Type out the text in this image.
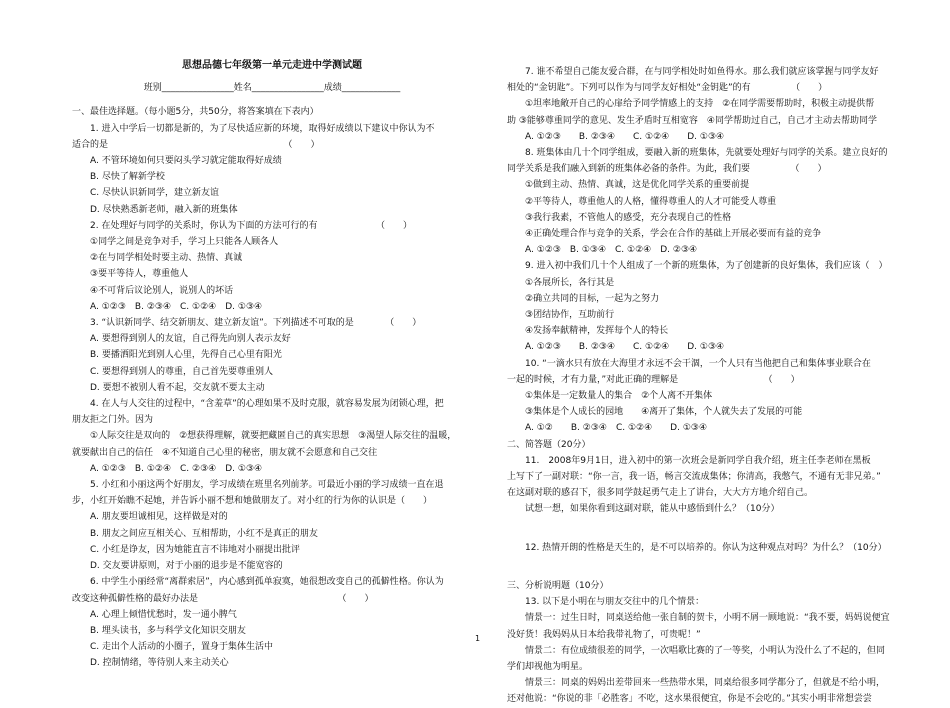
思想品德七年级第一单元走进中学测试题

班别________________姓名________________成绩_____________

一、最佳选择题。（每小题5分，共50分，将答案填在下表内）

　　1. 进入中学后一切都是新的，为了尽快适应新的环境，取得好成绩以下建议中你认为不

适合的是　　　　　　　　　　　　　　　　　　　　（　　）

　　A. 不管环境如何只要闷头学习就定能取得好成绩

　　B. 尽快了解新学校

　　C. 尽快认识新同学，建立新友谊

　　D. 尽快熟悉新老师，融入新的班集体

　　2. 在处理好与同学的关系时，你认为下面的方法可行的有　　　　　　　（　　）

　　①同学之间是竞争对手，学习上只能各人顾各人

　　②在与同学相处时要主动、热情、真诚

　　③要平等待人，尊重他人

　　④不可背后议论别人，说别人的坏话

　　A. ①②③　B. ②③④　C. ①②④　D. ①③④

　　3. “认识新同学、结交新朋友、建立新友谊”。下列描述不可取的是　　　　（　　）

　　A. 要想得到别人的友谊，自己得先向别人表示友好

　　B. 要播洒阳光到别人心里，先得自己心里有阳光

　　C. 要想得到别人的尊重，自己首先要尊重别人

　　D. 要想不被别人看不起，交友就不要太主动

　　4. 在人与人交往的过程中，“含羞草”的心理如果不及时克服，就容易发展为闭锁心理，把

朋友拒之门外。因为

　　①人际交往是双向的　②想获得理解，就要把藏匿自己的真实思想　③渴望人际交往的温暖，

就要献出自己的信任　④不知道自己心里的秘密，朋友就不会愿意和自己交往

　　A. ①②③　B. ①②④　C. ②③④　D. ①③④

　　5. 小红和小丽这两个好朋友，学习成绩在班里名列前茅。可最近小丽的学习成绩一直在退

步，小红开始瞧不起她，并告诉小丽不想和她做朋友了。对小红的行为你的认识是（　　）

　　A. 朋友要坦诚相见，这样做是对的

　　B. 朋友之间应互相关心、互相帮助，小红不是真正的朋友

　　C. 小红是诤友，因为她能直言不讳地对小丽提出批评

　　D. 交友要讲原则，对于小丽的退步是不能宽容的

　　6. 中学生小丽经常“离群索居”，内心感到孤单寂寞，她很想改变自己的孤僻性格。你认为

改变这种孤僻性格的最好办法是　　　　　　　　　　　　　　　　（　　）

　　A. 心理上倾惜忧愁时，发一通小脾气

　　B. 埋头读书，多与科学文化知识交朋友

　　C. 走出个人活动的小圈子，置身于集体生活中

　　D. 控制情绪，等待别人来主动关心

　　7. 谁不希望自己能友爱合群，在与同学相处时如鱼得水。那么我们就应该掌握与同学友好

相处的“金钥匙”。下列可以作为与同学友好相处“金钥匙”的有　　　　　（　　）

　　①坦率地敞开自己的心扉给予同学情感上的支持　②在同学需要帮助时，积极主动提供帮

助 ③能够尊重同学的意见、发生矛盾时互相宽容　④同学帮助过自己，自己才主动去帮助同学

　　A. ①②③　　B. ②③④　　C. ①②④　　D. ①③④

　　8. 班集体由几十个同学组成，要融入新的班集体，先就要处理好与同学的关系。建立良好的

同学关系是我们融入到新的班集体必备的条件。为此，我们要　　　　　（　　）

　　①做到主动、热情、真诚，这是优化同学关系的重要前提

　　②平等待人，尊重他人的人格，懂得尊重人的人才可能受人尊重

　　③我行我素，不管他人的感受，充分表现自己的性格

　　④正确处理合作与竞争的关系，学会在合作的基础上开展必要而有益的竞争

　　A. ①②③　B. ①③④　C. ①②④　D. ②③④

　　9. 进入初中我们几十个人组成了一个新的班集体，为了创建新的良好集体，我们应该（　）

　　①各展所长，各行其是

　　②确立共同的目标，一起为之努力

　　③团结协作，互助前行

　　④发扬奉献精神，发挥每个人的特长

　　A. ①②③　　B. ②③④　　C. ①②④　　D. ①③④

　　10. “一滴水只有放在大海里才永远不会干涸，一个人只有当他把自己和集体事业联合在

一起的时候，才有力量，”对此正确的理解是　　　　　　　　　　（　　）

　　①集体是一定数量人的集合　②个人离不开集体

　　③集体是个人成长的园地　　④离开了集体，个人就失去了发展的可能

　　A. ①②　　B. ②③④　C. ①②④　　D. ①③④

二、简答题（20分）

　　11.　2008年9月1日，进入初中的第一次班会是新同学自我介绍，班主任李老师在黑板

上写下了一副对联：“你一言，我一语，畅言交流成集体；你清高，我憋气，不通有无非兄弟。”

在这副对联的感召下，很多同学鼓起勇气走上了讲台，大大方方地介绍自己。

　　试想一想，如果你看到这副对联，能从中感悟到什么？（10分）

　　12. 热情开朗的性格是天生的，是不可以培养的。你认为这种观点对吗？为什么？（10分）

三、分析说明题（10分）

　　13. 以下是小明在与朋友交往中的几个情景：

　　情景一：过生日时，同桌送给他一张自制的贺卡，小明不屑一顾地说：“我不要，妈妈说便宜

没好货！我妈妈从日本给我带礼物了，可贵呢！”

　　情景二：有位成绩很差的同学，一次唱歌比赛的了一等奖，小明认为没什么了不起的，但同

学们却视他为明星。

　　情景三：同桌的妈妈出差带回来一些热带水果，同桌给很多同学都分了，但就是不给小明，

还对他说：“你说的非「必胜客」不吃，这水果很便宜，你是不会吃的。”其实小明非常想尝尝

1
